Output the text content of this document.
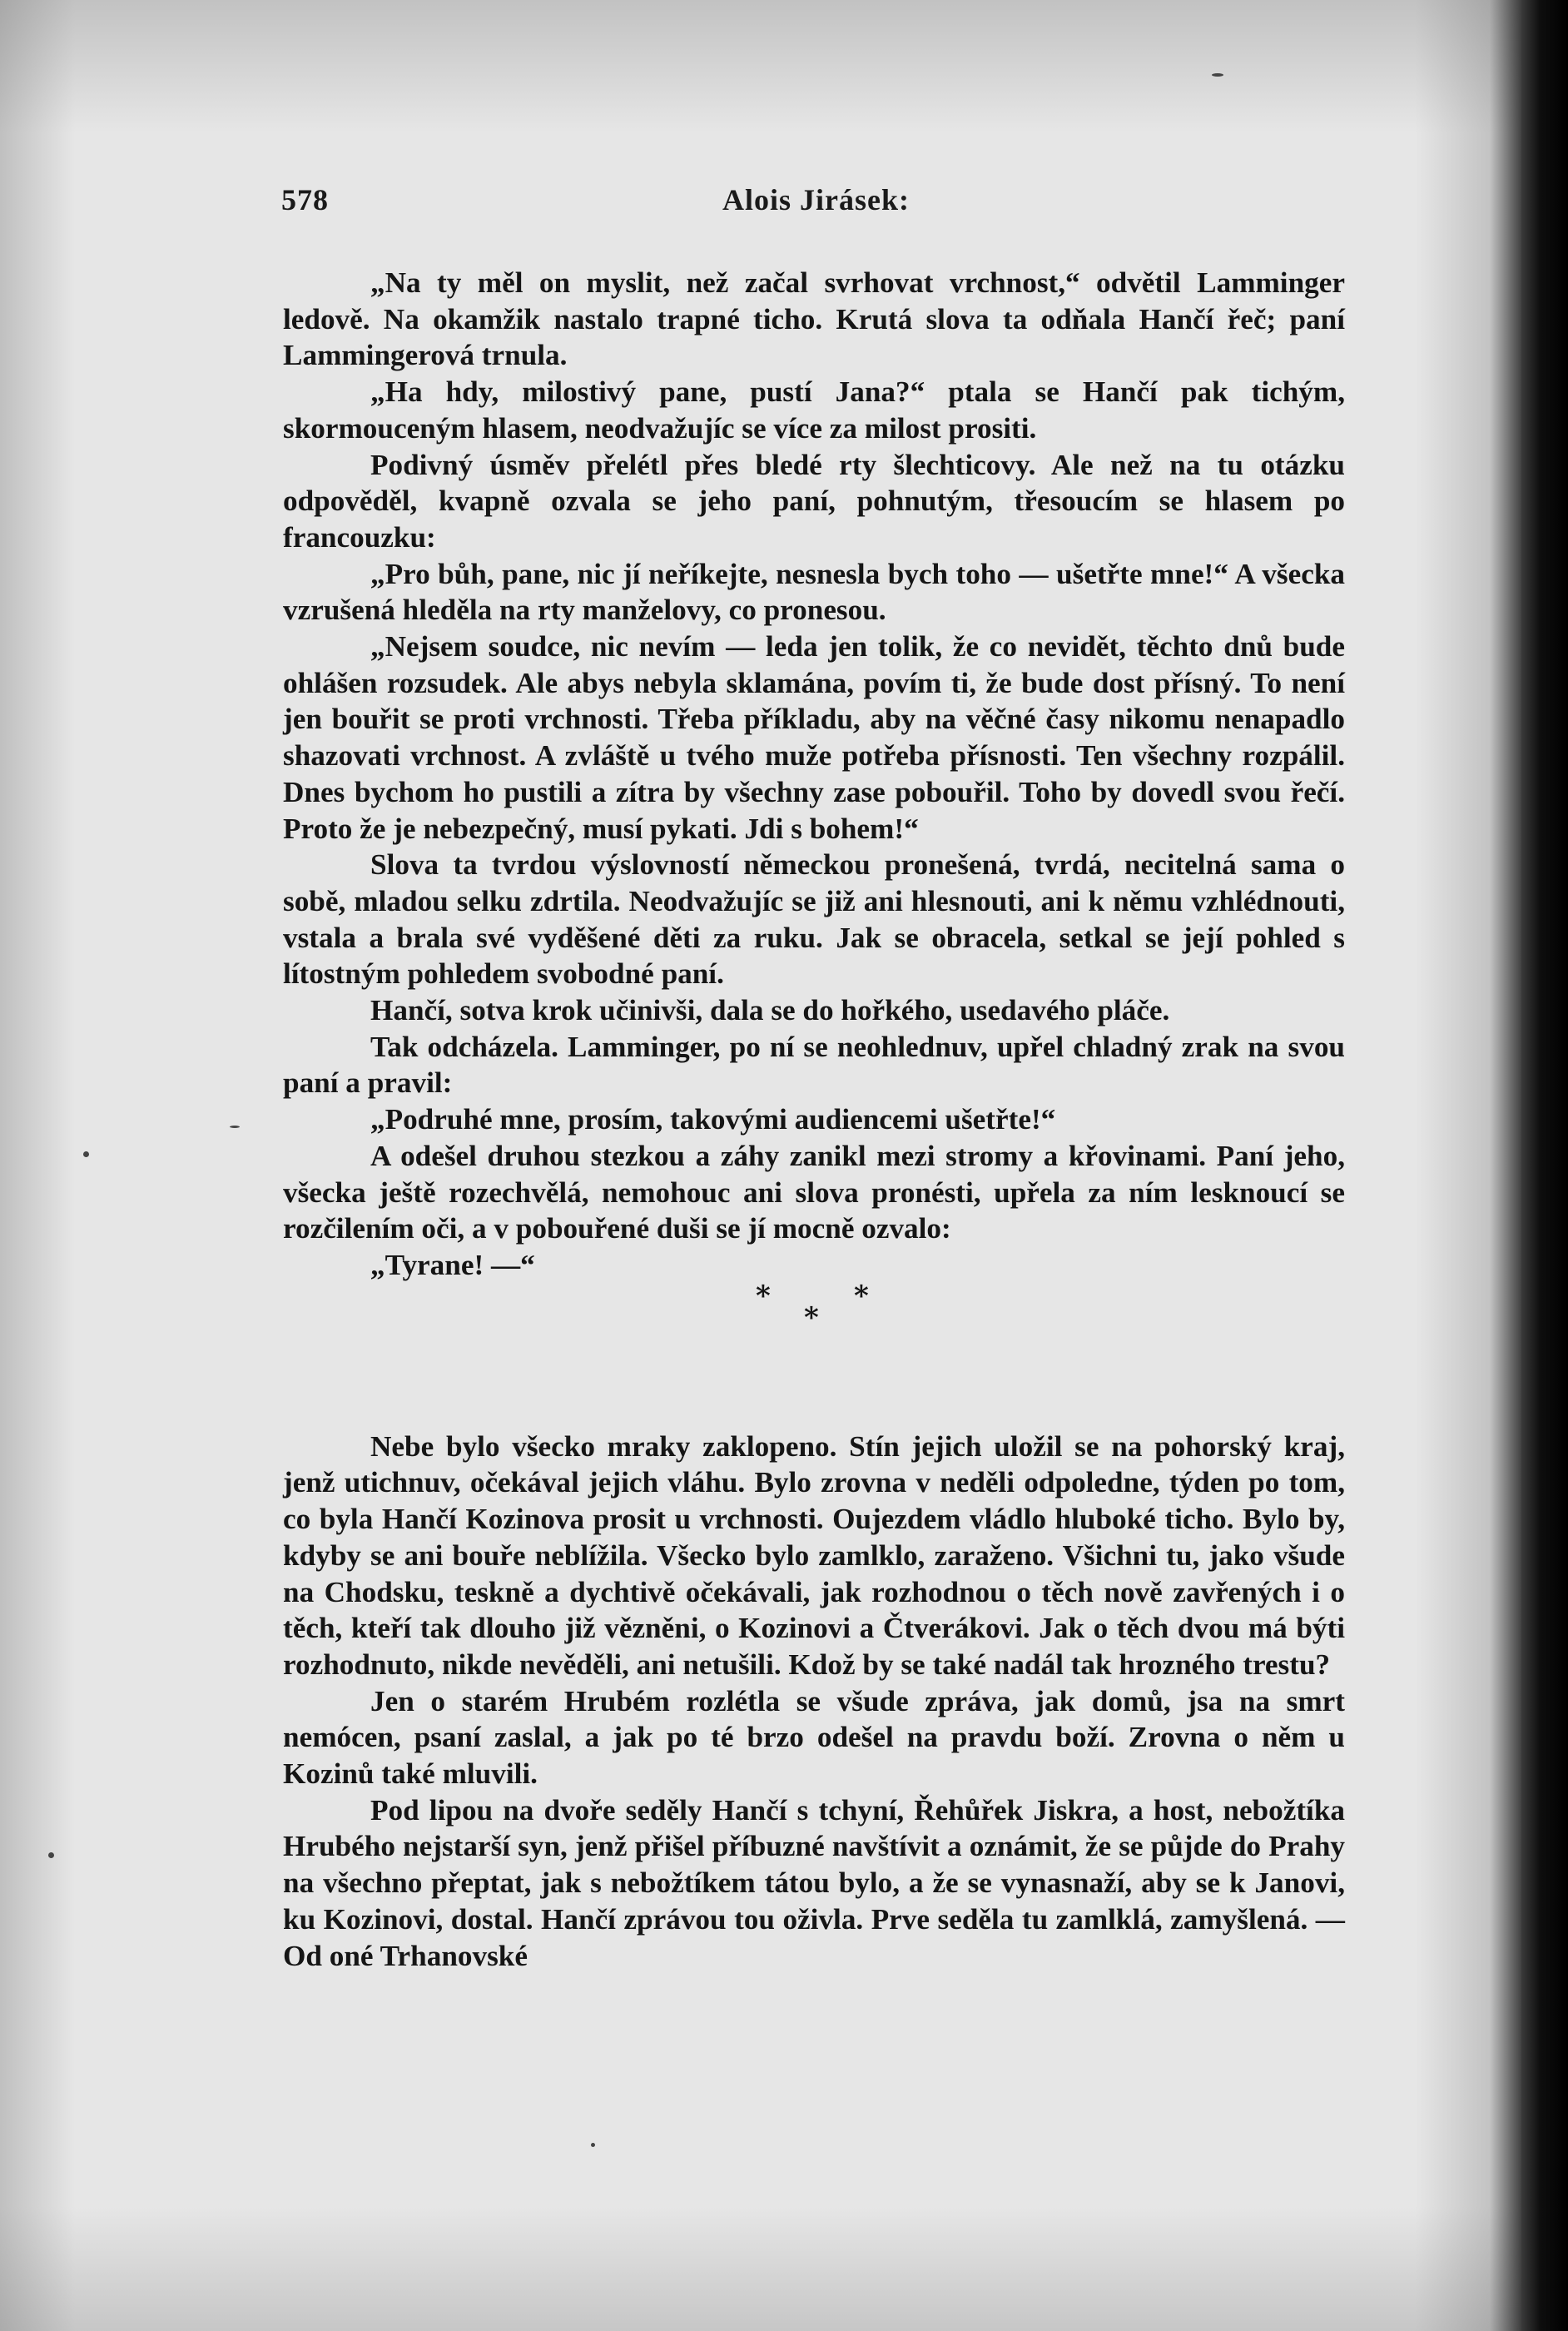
578	Alois Jirásek:

„Na ty měl on myslit, než začal svrhovat vrchnost,“ odvětil Lamminger ledově. Na okamžik nastalo trapné ticho. Krutá slova ta odňala Hančí řeč; paní Lammingerová trnula.

„Ha hdy, milostivý pane, pustí Jana?“ ptala se Hančí pak tichým, skormouceným hlasem, neodvažujíc se více za milost prositi.

Podivný úsměv přelétl přes bledé rty šlechticovy. Ale než na tu otázku odpověděl, kvapně ozvala se jeho paní, pohnutým, třesoucím se hlasem po francouzku:

„Pro bůh, pane, nic jí neříkejte, nesnesla bych toho — ušetřte mne!“ A všecka vzrušená hleděla na rty manželovy, co pronesou.

„Nejsem soudce, nic nevím — leda jen tolik, že co nevidět, těchto dnů bude ohlášen rozsudek. Ale abys nebyla sklamána, povím ti, že bude dost přísný. To není jen bouřit se proti vrchnosti. Třeba příkladu, aby na věčné časy nikomu nenapadlo shazovati vrchnost. A zvláště u tvého muže potřeba přísnosti. Ten všechny rozpálil. Dnes bychom ho pustili a zítra by všechny zase pobouřil. Toho by dovedl svou řečí. Proto že je nebezpečný, musí pykati. Jdi s bohem!“

Slova ta tvrdou výslovností německou pronešená, tvrdá, necitelná sama o sobě, mladou selku zdrtila. Neodvažujíc se již ani hlesnouti, ani k němu vzhlédnouti, vstala a brala své vyděšené děti za ruku. Jak se obracela, setkal se její pohled s lítostným pohledem svobodné paní.

Hančí, sotva krok učinivši, dala se do hořkého, usedavého pláče.

Tak odcházela. Lamminger, po ní se neohlednuv, upřel chladný zrak na svou paní a pravil:

„Podruhé mne, prosím, takovými audiencemi ušetřte!“

A odešel druhou stezkou a záhy zanikl mezi stromy a křovinami. Paní jeho, všecka ještě rozechvělá, nemohouc ani slova pronésti, upřela za ním lesknoucí se rozčilením oči, a v pobouřené duši se jí mocně ozvalo:

„Tyrane! —“

*	*
*

Nebe bylo všecko mraky zaklopeno. Stín jejich uložil se na pohorský kraj, jenž utichnuv, očekával jejich vláhu. Bylo zrovna v neděli odpoledne, týden po tom, co byla Hančí Kozinova prosit u vrchnosti. Oujezdem vládlo hluboké ticho. Bylo by, kdyby se ani bouře neblížila. Všecko bylo zamlklo, zaraženo. Všichni tu, jako všude na Chodsku, teskně a dychtivě očekávali, jak rozhodnou o těch nově zavřených i o těch, kteří tak dlouho již vězněni, o Kozinovi a Čtverákovi. Jak o těch dvou má býti rozhodnuto, nikde nevěděli, ani netušili. Kdož by se také nadál tak hrozného trestu?

Jen o starém Hrubém rozlétla se všude zpráva, jak domů, jsa na smrt nemócen, psaní zaslal, a jak po té brzo odešel na pravdu boží. Zrovna o něm u Kozinů také mluvili.

Pod lipou na dvoře seděly Hančí s tchyní, Řehůřek Jiskra, a host, nebožtíka Hrubého nejstarší syn, jenž přišel příbuzné navštívit a oznámit, že se půjde do Prahy na všechno přeptat, jak s nebožtíkem tátou bylo, a že se vynasnaží, aby se k Janovi, ku Kozinovi, dostal. Hančí zprávou tou oživla. Prve seděla tu zamlklá, zamyšlená. — Od oné Trhanovské
